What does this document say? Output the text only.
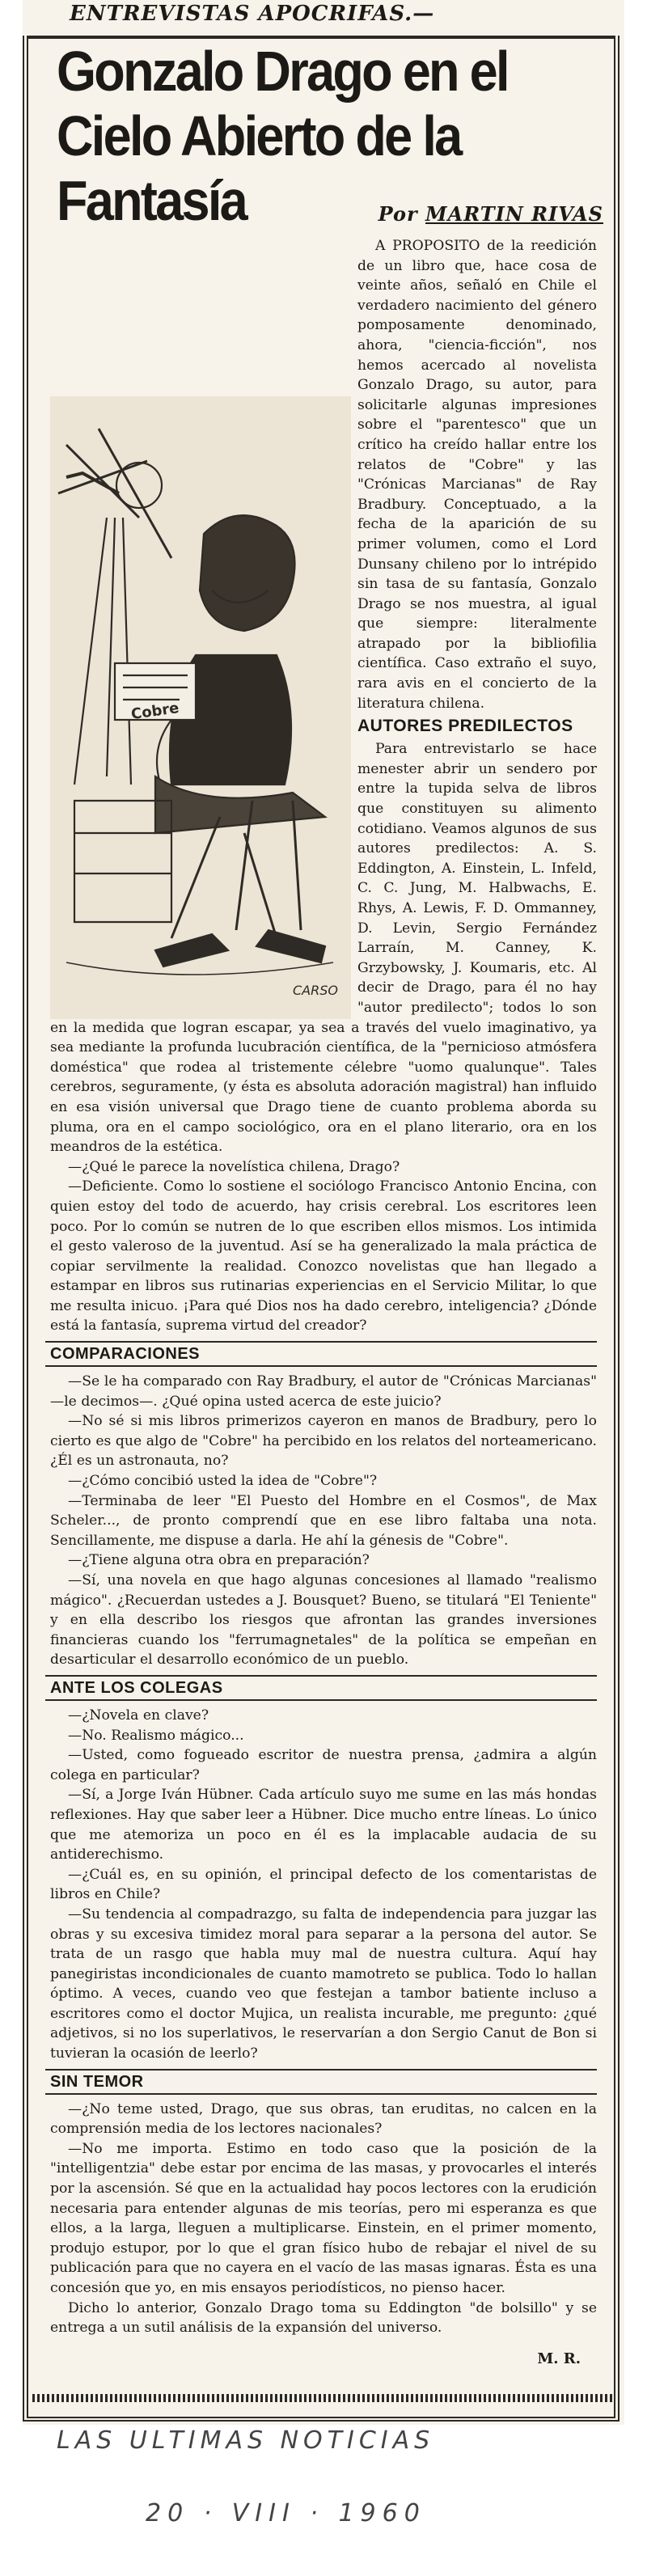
ENTREVISTAS APOCRIFAS.—
Gonzalo Drago en el Cielo Abierto de la Fantasía	Por MARTIN RIVAS
Cobre
CARSO

A PROPOSITO de la reedición de un libro que, hace cosa de veinte años, señaló en Chile el verdadero nacimiento del género pomposamente denominado, ahora, "ciencia-ficción", nos hemos acercado al novelista Gonzalo Drago, su autor, para solicitarle algunas impresiones sobre el "parentesco" que un crítico ha creído hallar entre los relatos de "Cobre" y las "Crónicas Marcianas" de Ray Bradbury. Conceptuado, a la fecha de la aparición de su primer volumen, como el Lord Dunsany chileno por lo intrépido sin tasa de su fantasía, Gonzalo Drago se nos muestra, al igual que siempre: literalmente atrapado por la bibliofilia científica. Caso extraño el suyo, rara avis en el concierto de la literatura chilena.

AUTORES PREDILECTOS

Para entrevistarlo se hace menester abrir un sendero por entre la tupida selva de libros que constituyen su alimento cotidiano. Veamos algunos de sus autores predilectos: A. S. Eddington, A. Einstein, L. Infeld, C. C. Jung, M. Halbwachs, E. Rhys, A. Lewis, F. D. Ommanney, D. Levin, Sergio Fernández Larraín, M. Canney, K. Grzybowsky, J. Koumaris, etc. Al decir de Drago, para él no hay "autor predilecto"; todos lo son en la medida que logran escapar, ya sea a través del vuelo imaginativo, ya sea mediante la profunda lucubración científica, de la "pernicioso atmósfera doméstica" que rodea al tristemente célebre "uomo qualunque". Tales cerebros, seguramente, (y ésta es absoluta adoración magistral) han influido en esa visión universal que Drago tiene de cuanto problema aborda su pluma, ora en el campo sociológico, ora en el plano literario, ora en los meandros de la estética.

—¿Qué le parece la novelística chilena, Drago?

—Deficiente. Como lo sostiene el sociólogo Francisco Antonio Encina, con quien estoy del todo de acuerdo, hay crisis cerebral. Los escritores leen poco. Por lo común se nutren de lo que escriben ellos mismos. Los intimida el gesto valeroso de la juventud. Así se ha generalizado la mala práctica de copiar servilmente la realidad. Conozco novelistas que han llegado a estampar en libros sus rutinarias experiencias en el Servicio Militar, lo que me resulta inicuo. ¡Para qué Dios nos ha dado cerebro, inteligencia? ¿Dónde está la fantasía, suprema virtud del creador?

COMPARACIONES

—Se le ha comparado con Ray Bradbury, el autor de "Crónicas Marcianas" —le decimos—. ¿Qué opina usted acerca de este juicio?

—No sé si mis libros primerizos cayeron en manos de Bradbury, pero lo cierto es que algo de "Cobre" ha percibido en los relatos del norteamericano. ¿Él es un astronauta, no?

—¿Cómo concibió usted la idea de "Cobre"?

—Terminaba de leer "El Puesto del Hombre en el Cosmos", de Max Scheler..., de pronto comprendí que en ese libro faltaba una nota. Sencillamente, me dispuse a darla. He ahí la génesis de "Cobre".

—¿Tiene alguna otra obra en preparación?

—Sí, una novela en que hago algunas concesiones al llamado "realismo mágico". ¿Recuerdan ustedes a J. Bousquet? Bueno, se titulará "El Teniente" y en ella describo los riesgos que afrontan las grandes inversiones financieras cuando los "ferrumagnetales" de la política se empeñan en desarticular el desarrollo económico de un pueblo.

ANTE LOS COLEGAS

—¿Novela en clave?

—No. Realismo mágico...

—Usted, como fogueado escritor de nuestra prensa, ¿admira a algún colega en particular?

—Sí, a Jorge Iván Hübner. Cada artículo suyo me sume en las más hondas reflexiones. Hay que saber leer a Hübner. Dice mucho entre líneas. Lo único que me atemoriza un poco en él es la implacable audacia de su antiderechismo.

—¿Cuál es, en su opinión, el principal defecto de los comentaristas de libros en Chile?

—Su tendencia al compadrazgo, su falta de independencia para juzgar las obras y su excesiva timidez moral para separar a la persona del autor. Se trata de un rasgo que habla muy mal de nuestra cultura. Aquí hay panegiristas incondicionales de cuanto mamotreto se publica. Todo lo hallan óptimo. A veces, cuando veo que festejan a tambor batiente incluso a escritores como el doctor Mujica, un realista incurable, me pregunto: ¿qué adjetivos, si no los superlativos, le reservarían a don Sergio Canut de Bon si tuvieran la ocasión de leerlo?

SIN TEMOR

—¿No teme usted, Drago, que sus obras, tan eruditas, no calcen en la comprensión media de los lectores nacionales?

—No me importa. Estimo en todo caso que la posición de la "intelligentzia" debe estar por encima de las masas, y provocarles el interés por la ascensión. Sé que en la actualidad hay pocos lectores con la erudición necesaria para entender algunas de mis teorías, pero mi esperanza es que ellos, a la larga, lleguen a multiplicarse. Einstein, en el primer momento, produjo estupor, por lo que el gran físico hubo de rebajar el nivel de su publicación para que no cayera en el vacío de las masas ignaras. Ésta es una concesión que yo, en mis ensayos periodísticos, no pienso hacer.

Dicho lo anterior, Gonzalo Drago toma su Eddington "de bolsillo" y se entrega a un sutil análisis de la expansión del universo.

M. R.
LAS ULTIMAS NOTICIAS
20 · VIII · 1960
